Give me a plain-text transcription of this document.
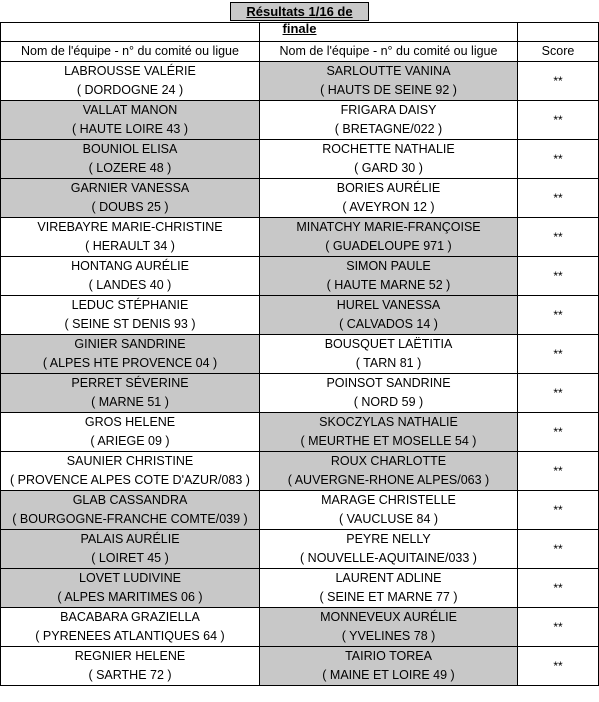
Résultats 1/16 de finale

Nom de l'équipe - n° du comité ou ligue	Nom de l'équipe - n° du comité ou ligue	Score
LABROUSSE VALÉRIE	SARLOUTTE VANINA	**
( DORDOGNE 24 )	( HAUTS DE SEINE 92 )	
VALLAT MANON	FRIGARA DAISY	**
( HAUTE LOIRE 43 )	( BRETAGNE/022 )	
BOUNIOL ELISA	ROCHETTE NATHALIE	**
( LOZERE 48 )	( GARD 30 )	
GARNIER VANESSA	BORIES AURÉLIE	**
( DOUBS 25 )	( AVEYRON 12 )	
VIREBAYRE MARIE-CHRISTINE	MINATCHY MARIE-FRANÇOISE	**
( HERAULT 34 )	( GUADELOUPE 971 )	
HONTANG AURÉLIE	SIMON PAULE	**
( LANDES 40 )	( HAUTE MARNE 52 )	
LEDUC STÉPHANIE	HUREL VANESSA	**
( SEINE ST DENIS 93 )	( CALVADOS 14 )	
GINIER SANDRINE	BOUSQUET LAËTITIA	**
( ALPES HTE PROVENCE 04 )	( TARN 81 )	
PERRET SÉVERINE	POINSOT SANDRINE	**
( MARNE 51 )	( NORD 59 )	
GROS HELENE	SKOCZYLAS NATHALIE	**
( ARIEGE 09 )	( MEURTHE ET MOSELLE 54 )	
SAUNIER CHRISTINE	ROUX CHARLOTTE	**
( PROVENCE ALPES COTE D'AZUR/083 )	( AUVERGNE-RHONE ALPES/063 )	
GLAB CASSANDRA	MARAGE CHRISTELLE	**
( BOURGOGNE-FRANCHE COMTE/039 )	( VAUCLUSE 84 )	
PALAIS AURÉLIE	PEYRE NELLY	**
( LOIRET 45 )	( NOUVELLE-AQUITAINE/033 )	
LOVET LUDIVINE	LAURENT ADLINE	**
( ALPES MARITIMES 06 )	( SEINE ET MARNE 77 )	
BACABARA GRAZIELLA	MONNEVEUX AURÉLIE	**
( PYRENEES ATLANTIQUES 64 )	( YVELINES 78 )	
REGNIER HELENE	TAIRIO TOREA	**
( SARTHE 72 )	( MAINE ET LOIRE 49 )	
